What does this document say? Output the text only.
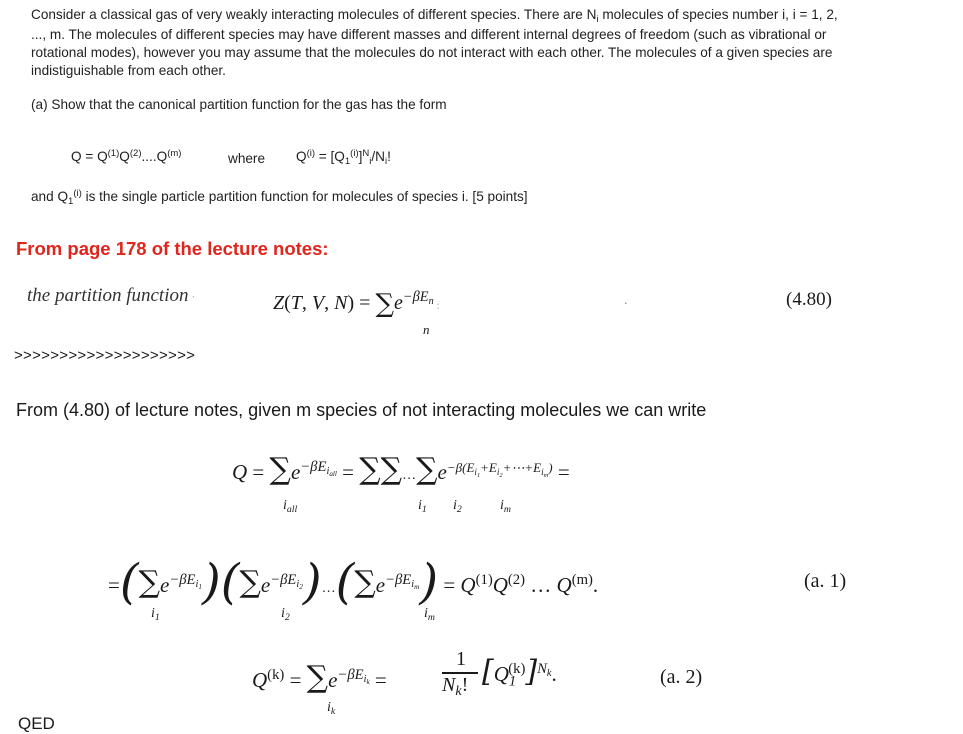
Consider a classical gas of very weakly interacting molecules of different species. There are $N_i$ molecules of species number i, i = 1, 2,
..., m. The molecules of different species may have different masses and different internal degrees of freedom (such as vibrational or
rotational modes), however you may assume that the molecules do not interact with each other. The molecules of a given species are
indistiguishable from each other.
(a) Show that the canonical partition function for the gas has the form
$Q = Q^{(1)}Q^{(2)}....Q^{(m)}$	where $Q^{(i)} = [Q_1^{(i)}]^N_i/N_i$!
and $Q_1^{(i)}$ is the single particle partition function for molecules of species i. [5 points]
From page 178 of the lecture notes:
the partition function ‧	Z(T, V, $N) = \sum e^{-\beta E_n}$ :
n
.	(4.80)
>>>>>>>>>>>>>>>>>>>>
From (4.80) of lecture notes, given m species of not interacting molecules we can write
$Q = \sum e^{-\beta E_{i_{all}}}$ = $\sum\sum\dots\sum e^{-\beta(E_{i_1}+E_{i_2}+\cdots+E_{i_m})}$ =
$i_{all}$	$i_1$ $i_2$	$i_m$
$=(\sum e^{-\beta E_{i_1}})(\sum e^{-\beta E_{i_2}})\dots(\sum e^{-\beta E_{i_m}}) = Q^{(1)}Q^{(2)}$ … $Q^{(m)}$.
$i_1$	$i_2$	$i_m$
(a. 1)
$Q^{(k)} = \sum e^{-\beta E_{i_k}}$ =
1
$N_k$! $[Q_1^{(k)}]^{N_k}$.
$i_k$
(a. 2)
QED
